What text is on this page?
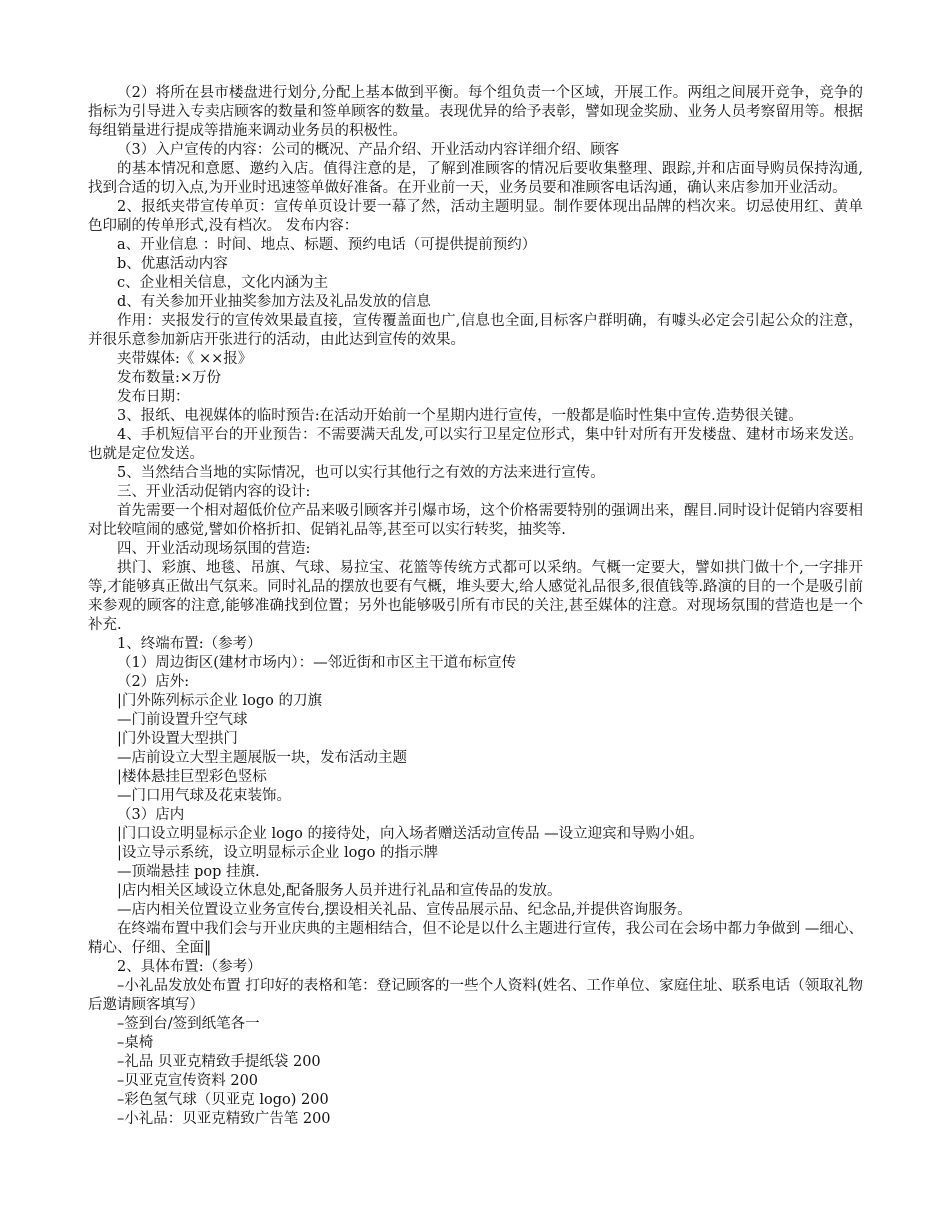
（2）将所在县市楼盘进行划分,分配上基本做到平衡。每个组负责一个区域，开展工作。两组之间展开竞争，竞争的指标为引导进入专卖店顾客的数量和签单顾客的数量。表现优异的给予表彰，譬如现金奖励、业务人员考察留用等。根据每组销量进行提成等措施来调动业务员的积极性。

（3）入户宣传的内容：公司的概况、产品介绍、开业活动内容详细介绍、顾客

的基本情况和意愿、邀约入店。值得注意的是，了解到准顾客的情况后要收集整理、跟踪,并和店面导购员保持沟通,找到合适的切入点,为开业时迅速签单做好准备。在开业前一天，业务员要和准顾客电话沟通，确认来店参加开业活动。

2、报纸夹带宣传单页：宣传单页设计要一幕了然，活动主题明显。制作要体现出品牌的档次来。切忌使用红、黄单色印刷的传单形式,没有档次。 发布内容：

a、开业信息 ：时间、地点、标题、预约电话（可提供提前预约）

b、优惠活动内容

c、企业相关信息，文化内涵为主

d、有关参加开业抽奖参加方法及礼品发放的信息

作用：夹报发行的宣传效果最直接，宣传覆盖面也广,信息也全面,目标客户群明确，有噱头必定会引起公众的注意，并很乐意参加新店开张进行的活动，由此达到宣传的效果。

夹带媒体:《 ××报》

发布数量:×万份

发布日期：

3、报纸、电视媒体的临时预告:在活动开始前一个星期内进行宣传，一般都是临时性集中宣传.造势很关键。

4、手机短信平台的开业预告：不需要满天乱发,可以实行卫星定位形式，集中针对所有开发楼盘、建材市场来发送。也就是定位发送。

5、当然结合当地的实际情况，也可以实行其他行之有效的方法来进行宣传。

三、开业活动促销内容的设计:

首先需要一个相对超低价位产品来吸引顾客并引爆市场，这个价格需要特别的强调出来，醒目.同时设计促销内容要相对比较喧闹的感觉,譬如价格折扣、促销礼品等,甚至可以实行转奖，抽奖等.

四、开业活动现场氛围的营造:

拱门、彩旗、地毯、吊旗、气球、易拉宝、花篮等传统方式都可以采纳。气概一定要大，譬如拱门做十个,一字排开等,才能够真正做出气氛来。同时礼品的摆放也要有气概，堆头要大,给人感觉礼品很多,很值钱等.路演的目的一个是吸引前来参观的顾客的注意,能够准确找到位置；另外也能够吸引所有市民的关注,甚至媒体的注意。对现场氛围的营造也是一个补充.

1、终端布置:（参考）

（1）周边街区(建材市场内）：—邻近街和市区主干道布标宣传

（2）店外:

|门外陈列标示企业 logo 的刀旗

—门前设置升空气球

|门外设置大型拱门

—店前设立大型主题展版一块，发布活动主题

|楼体悬挂巨型彩色竖标

—门口用气球及花束装饰。

（3）店内

|门口设立明显标示企业 logo 的接待处，向入场者赠送活动宣传品 —设立迎宾和导购小姐。

|设立导示系统，设立明显标示企业 logo 的指示牌

—顶端悬挂 pop 挂旗.

|店内相关区域设立休息处,配备服务人员并进行礼品和宣传品的发放。

—店内相关位置设立业务宣传台,摆设相关礼品、宣传品展示品、纪念品,并提供咨询服务。

在终端布置中我们会与开业庆典的主题相结合，但不论是以什么主题进行宣传，我公司在会场中都力争做到 —细心、精心、仔细、全面‖

2、具体布置:（参考）

–小礼品发放处布置 打印好的表格和笔：登记顾客的一些个人资料(姓名、工作单位、家庭住址、联系电话（领取礼物后邀请顾客填写）

–签到台/签到纸笔各一

–桌椅

–礼品 贝亚克精致手提纸袋 200

–贝亚克宣传资料 200

–彩色氢气球（贝亚克 logo) 200

–小礼品：贝亚克精致广告笔 200
